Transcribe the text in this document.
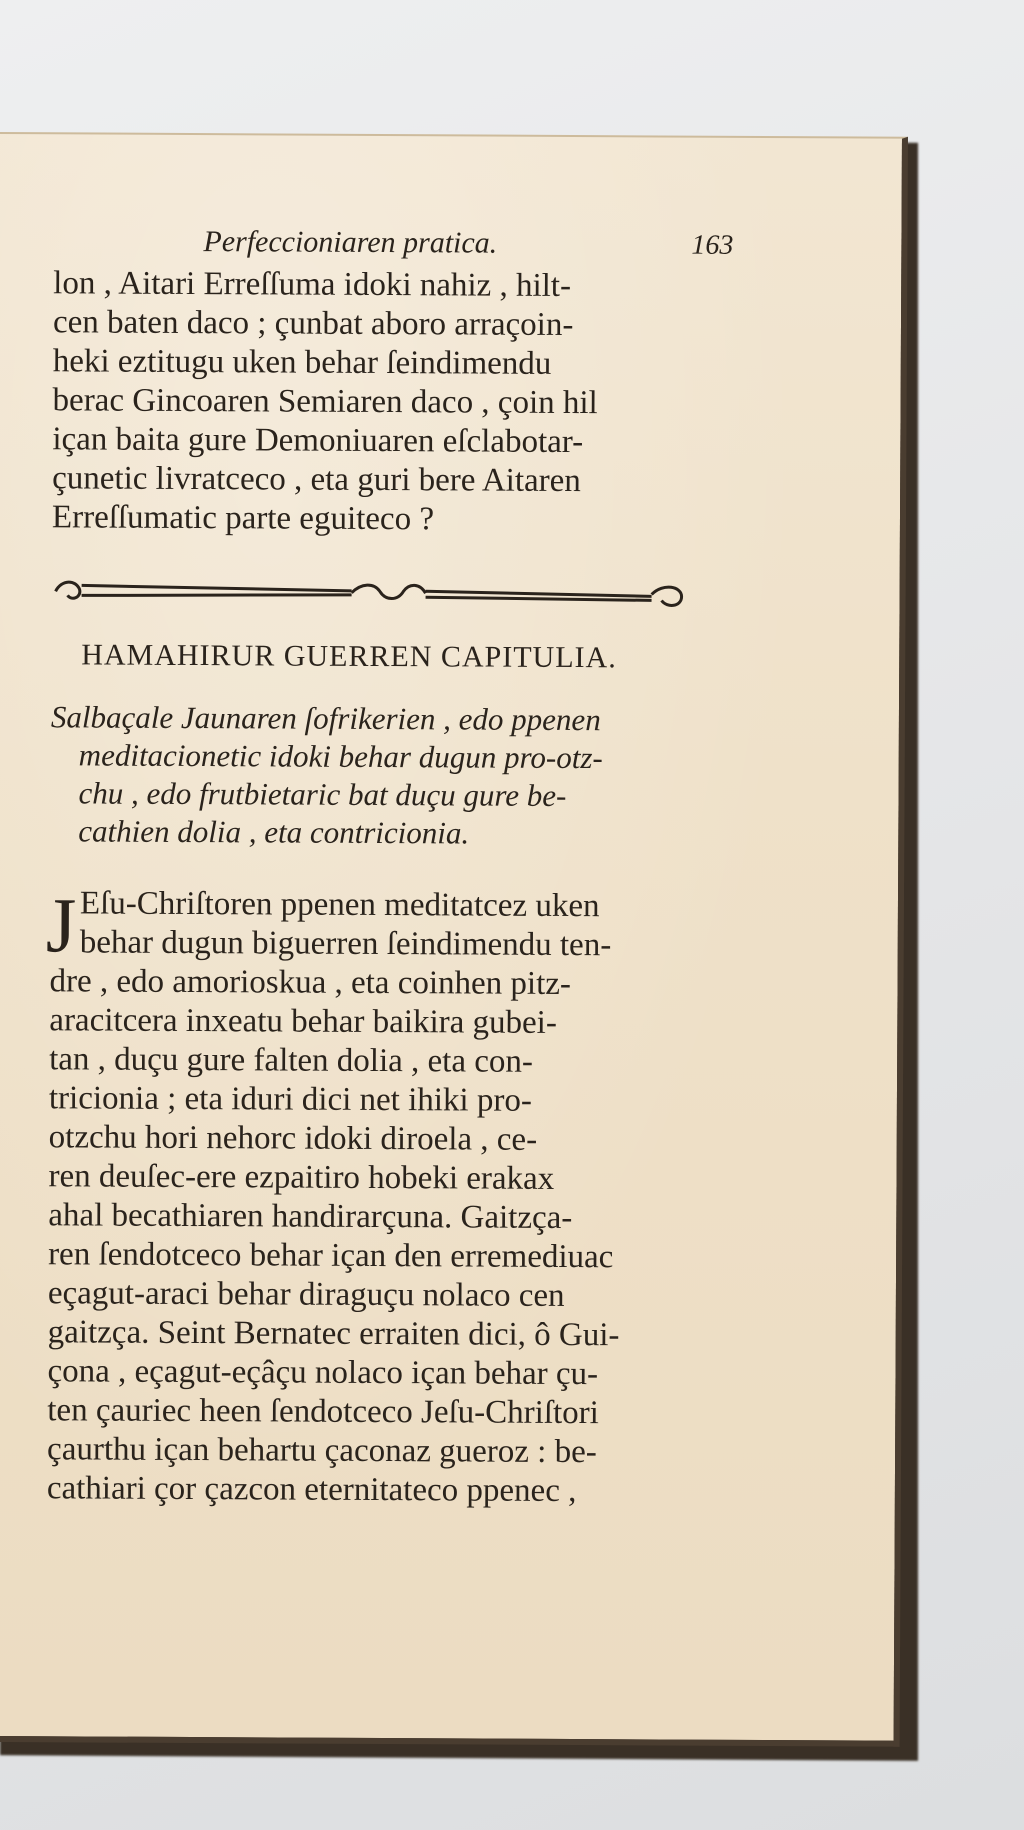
Perfeccioniaren pratica.	163

lon , Aitari Erreſſuma idoki nahiz , hilt-
cen baten daco ; çunbat aboro arraçoin-
heki eztitugu uken behar ſeindimendu
berac Gincoaren Semiaren daco , çoin hil
içan baita gure Demoniuaren eſclabotar-
çunetic livratceco , eta guri bere Aitaren
Erreſſumatic parte eguiteco ?

HAMAHIRUR GUERREN CAPITULIA.

Salbaçale Jaunaren ſofrikerien , edo ppenen
meditacionetic idoki behar dugun pro-otz-
chu , edo frutbietaric bat duçu gure be-
cathien dolia , eta contricionia.

J Eſu-Chriſtoren ppenen meditatcez uken
behar dugun biguerren ſeindimendu ten-
dre , edo amorioskua , eta coinhen pitz-
aracitcera inxeatu behar baikira gubei-
tan , duçu gure falten dolia , eta con-
tricionia ; eta iduri dici net ihiki pro-
otzchu hori nehorc idoki diroela , ce-
ren deuſec-ere ezpaitiro hobeki erakax
ahal becathiaren handirarçuna. Gaitzça-
ren ſendotceco behar içan den erremediuac
eçagut-araci behar diraguçu nolaco cen
gaitzça. Seint Bernatec erraiten dici, ô Gui-
çona , eçagut-eçâçu nolaco içan behar çu-
ten çauriec heen ſendotceco Jeſu-Chriſtori
çaurthu içan behartu çaconaz gueroz : be-
cathiari çor çazcon eternitateco ppenec ,
